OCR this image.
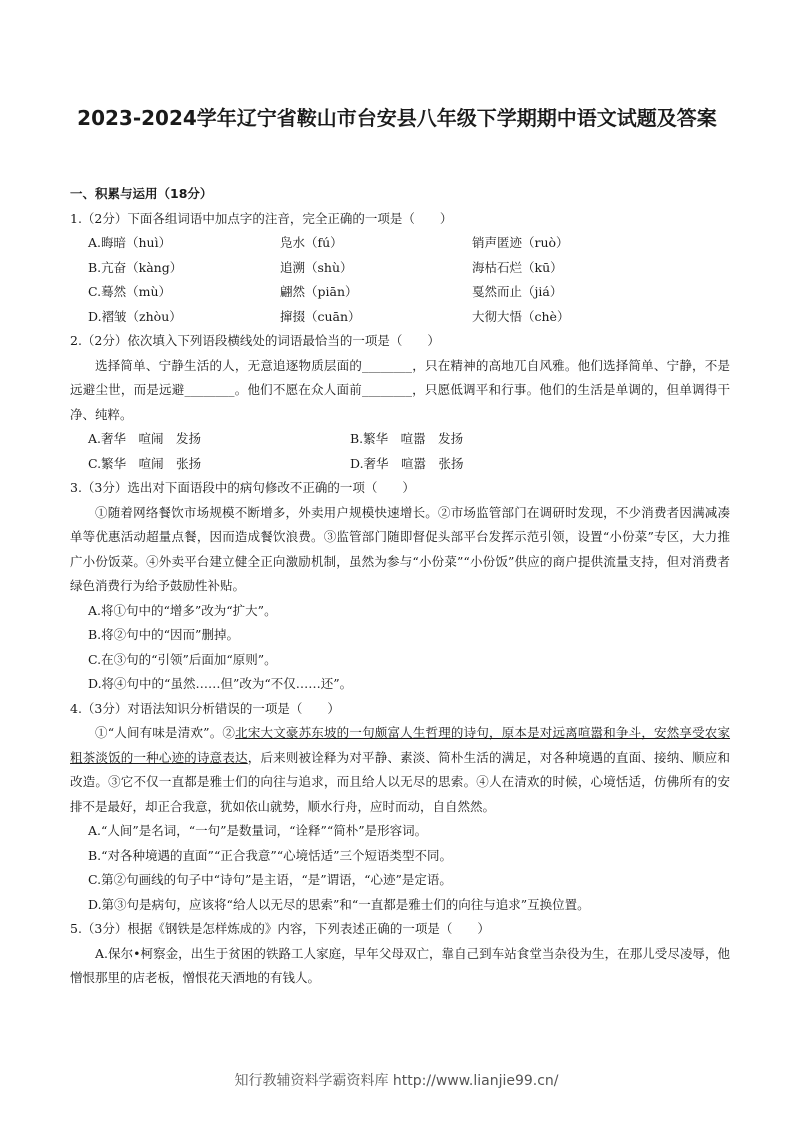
2023-2024学年辽宁省鞍山市台安县八年级下学期期中语文试题及答案
一、积累与运用（18分）
1.（2分）下面各组词语中加点字的注音，完全正确的一项是（　　）
A.晦暗（huì）	凫水（fú）	销声匿迹（ruò）
B.亢奋（kàng）	追溯（shù）	海枯石烂（kū）
C.蓦然（mù）	翩然（piān）	戛然而止（jiá）
D.褶皱（zhòu）	撺掇（cuān）	大彻大悟（chè）
2.（2分）依次填入下列语段横线处的词语最恰当的一项是（　　）
选择简单、宁静生活的人，无意追逐物质层面的________，只在精神的高地兀自风雅。他们选择简单、宁静，不是远避尘世，而是远避________。他们不愿在众人面前________，只愿低调平和行事。他们的生活是单调的，但单调得干净、纯粹。
A.奢华　喧闹　发扬	B.繁华　喧嚣　发扬
C.繁华　喧闹　张扬	D.奢华　喧嚣　张扬
3.（3分）选出对下面语段中的病句修改不正确的一项（　　）
①随着网络餐饮市场规模不断增多，外卖用户规模快速增长。②市场监管部门在调研时发现，不少消费者因满减凑单等优惠活动超量点餐，因而造成餐饮浪费。③监管部门随即督促头部平台发挥示范引领，设置“小份菜”专区，大力推广小份饭菜。④外卖平台建立健全正向激励机制，虽然为参与“小份菜”“小份饭”供应的商户提供流量支持，但对消费者绿色消费行为给予鼓励性补贴。
A.将①句中的“增多”改为“扩大”。
B.将②句中的“因而”删掉。
C.在③句的“引领”后面加“原则”。
D.将④句中的“虽然……但”改为“不仅……还”。
4.（3分）对语法知识分析错误的一项是（　　）
①“人间有味是清欢”。②北宋大文豪苏东坡的一句颇富人生哲理的诗句，原本是对远离喧嚣和争斗，安然享受农家粗茶淡饭的一种心迹的诗意表达，后来则被诠释为对平静、素淡、简朴生活的满足，对各种境遇的直面、接纳、顺应和改造。③它不仅一直都是雅士们的向往与追求，而且给人以无尽的思索。④人在清欢的时候，心境恬适，仿佛所有的安排不是最好，却正合我意，犹如依山就势，顺水行舟，应时而动，自自然然。
A.“人间”是名词，“一句”是数量词，“诠释”“简朴”是形容词。
B.“对各种境遇的直面”“正合我意”“心境恬适”三个短语类型不同。
C.第②句画线的句子中“诗句”是主语，“是”谓语，“心迹”是定语。
D.第③句是病句，应该将“给人以无尽的思索”和“一直都是雅士们的向往与追求”互换位置。
5.（3分）根据《钢铁是怎样炼成的》内容，下列表述正确的一项是（　　）
A.保尔•柯察金，出生于贫困的铁路工人家庭，早年父母双亡，靠自己到车站食堂当杂役为生，在那儿受尽凌辱，他憎恨那里的店老板，憎恨花天酒地的有钱人。
知行教辅资料学霸资料库 http://www.lianjie99.cn/
